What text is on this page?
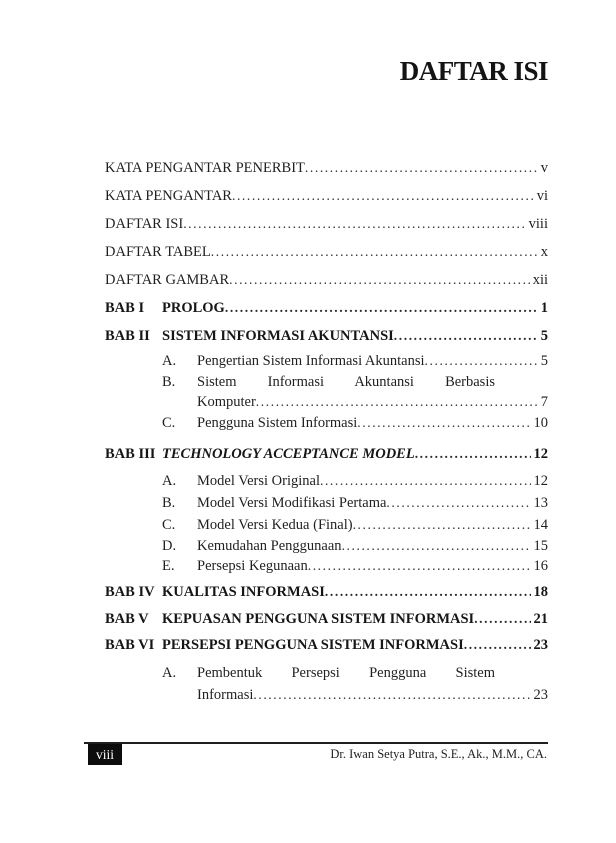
DAFTAR ISI
KATA PENGANTAR PENERBIT .....	v
KATA PENGANTAR .....	vi
DAFTAR ISI .....	viii
DAFTAR TABEL .....	x
DAFTAR GAMBAR .....	xii
BAB I	PROLOG .....	1
BAB II SISTEM INFORMASI AKUNTANSI .....	5
A.	Pengertian Sistem Informasi Akuntansi .....	5
B.	Sistem Informasi Akuntansi Berbasis
Komputer .....	7
C.	Pengguna Sistem Informasi .....	10
BAB III TECHNOLOGY ACCEPTANCE MODEL .....	12
A.	Model Versi Original .....	12
B.	Model Versi Modifikasi Pertama .....	13
C.	Model Versi Kedua (Final) .....	14
D.	Kemudahan Penggunaan .....	15
E.	Persepsi Kegunaan .....	16
BAB IV KUALITAS INFORMASI .....	18
BAB V KEPUASAN PENGGUNA SISTEM INFORMASI .....	21
BAB VI PERSEPSI PENGGUNA SISTEM INFORMASI .....	23
A.	Pembentuk Persepsi Pengguna Sistem
Informasi .....	23
viii	Dr. Iwan Setya Putra, S.E., Ak., M.M., CA.
